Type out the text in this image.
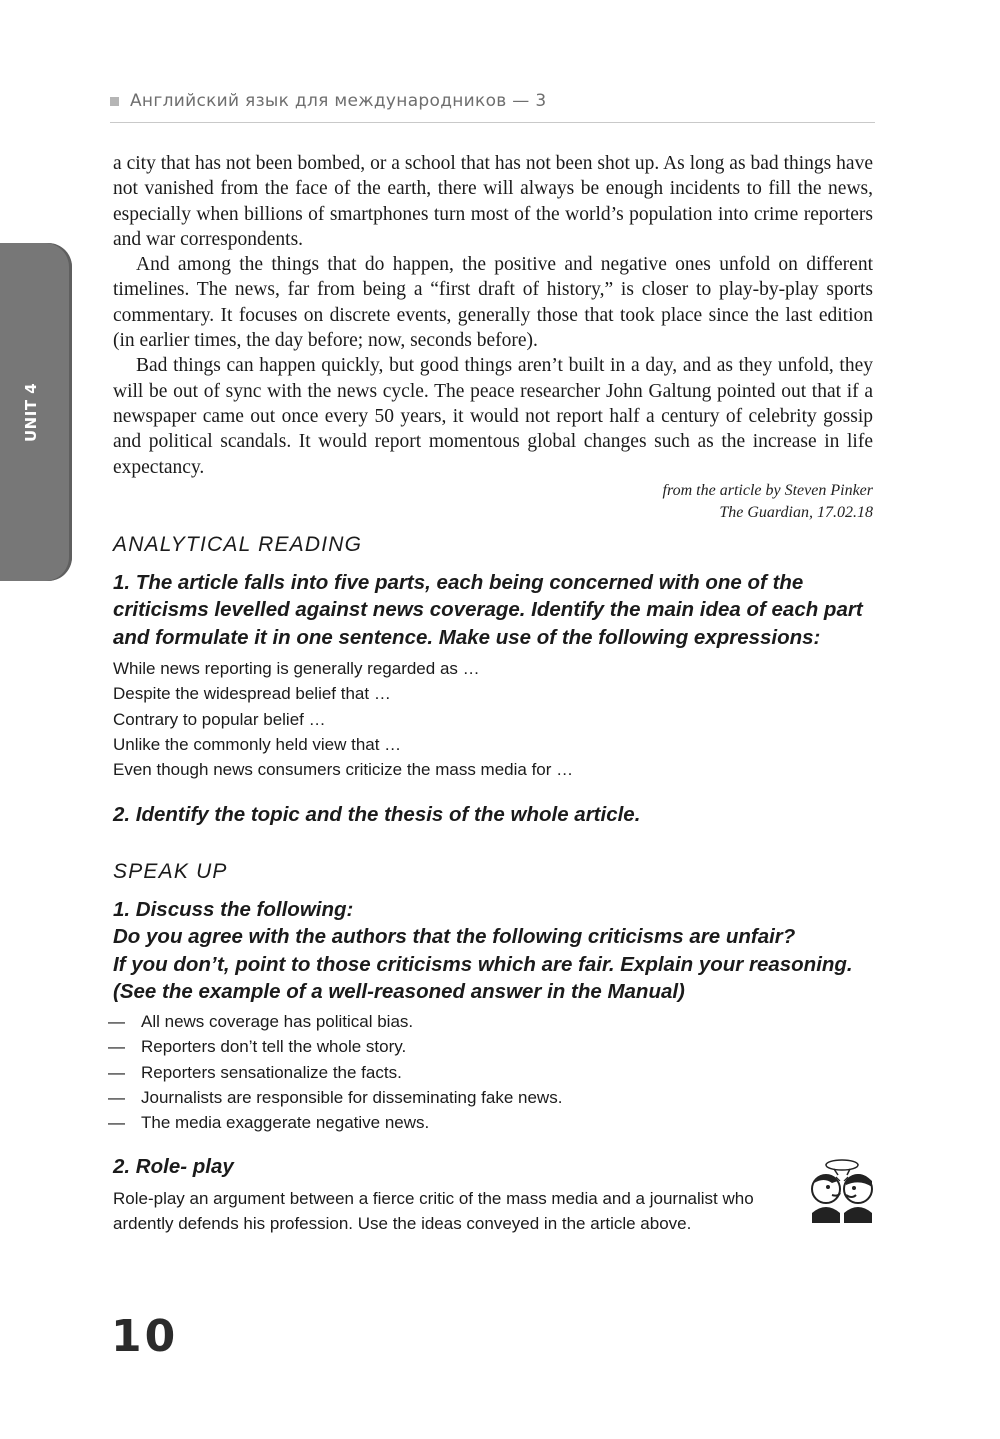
Английский язык для международников — 3
UNIT 4

a city that has not been bombed, or a school that has not been shot up. As long as bad things have not vanished from the face of the earth, there will always be enough incidents to fill the news, especially when billions of smartphones turn most of the world’s population into crime reporters and war correspondents.

And among the things that do happen, the positive and negative ones unfold on different timelines. The news, far from being a “first draft of history,” is closer to play-by-play sports commentary. It focuses on discrete events, generally those that took place since the last edition (in earlier times, the day before; now, seconds before).

Bad things can happen quickly, but good things aren’t built in a day, and as they unfold, they will be out of sync with the news cycle. The peace researcher John Galtung pointed out that if a newspaper came out once every 50 years, it would not report half a century of celebrity gossip and political scandals. It would report momentous global changes such as the increase in life expectancy.

from the article by Steven Pinker
The Guardian, 17.02.18
ANALYTICAL READING
1. The article falls into five parts, each being concerned with one of the criticisms levelled against news coverage. Identify the main idea of each part and formulate it in one sentence. Make use of the following expressions:
While news reporting is generally regarded as …
Despite the widespread belief that …
Contrary to popular belief …
Unlike the commonly held view that …
Even though news consumers criticize the mass media for …
2. Identify the topic and the thesis of the whole article.
SPEAK UP
1. Discuss the following:
Do you agree with the authors that the following criticisms are unfair?
If you don’t, point to those criticisms which are fair. Explain your reasoning.
(See the example of a well-reasoned answer in the Manual)
— All news coverage has political bias.
— Reporters don’t tell the whole story.
— Reporters sensationalize the facts.
— Journalists are responsible for disseminating fake news.
— The media exaggerate negative news.
2. Role- play
Role-play an argument between a fierce critic of the mass media and a journalist who ardently defends his profession. Use the ideas conveyed in the article above.
10
